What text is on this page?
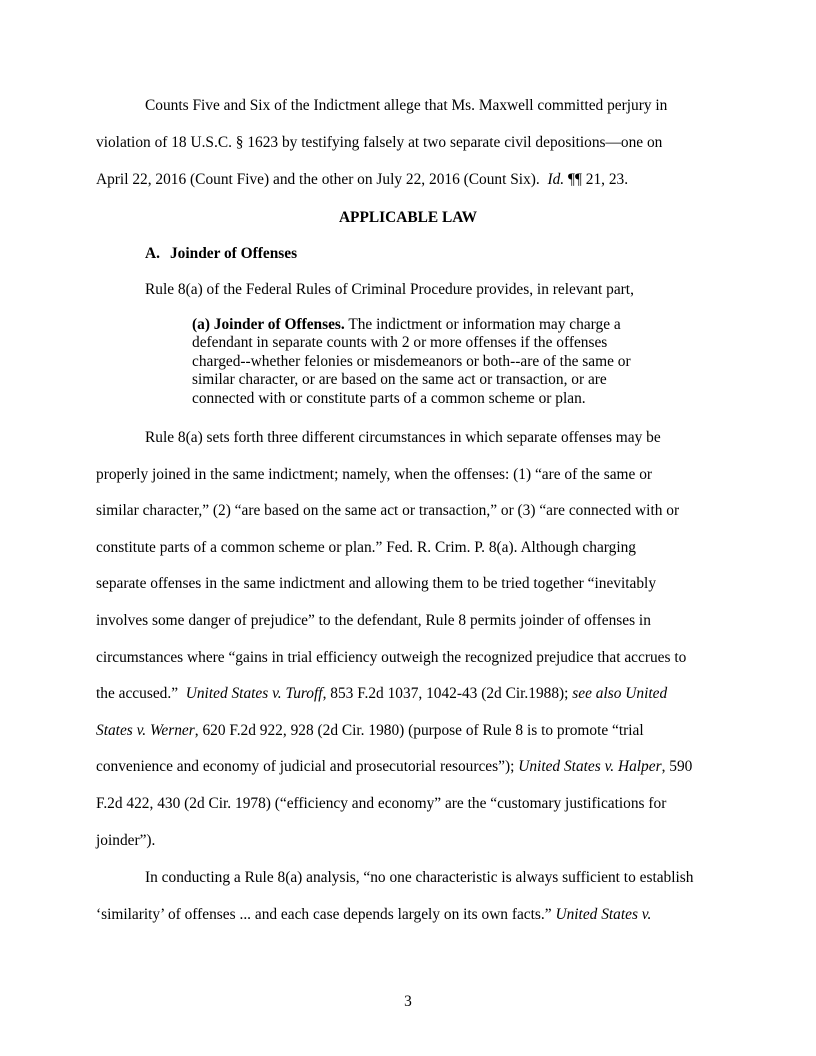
Counts Five and Six of the Indictment allege that Ms. Maxwell committed perjury in
violation of 18 U.S.C. § 1623 by testifying falsely at two separate civil depositions—one on
April 22, 2016 (Count Five) and the other on July 22, 2016 (Count Six). Id. ¶¶ 21, 23.
APPLICABLE LAW
A. Joinder of Offenses
Rule 8(a) of the Federal Rules of Criminal Procedure provides, in relevant part,
(a) Joinder of Offenses. The indictment or information may charge a
defendant in separate counts with 2 or more offenses if the offenses
charged--whether felonies or misdemeanors or both--are of the same or
similar character, or are based on the same act or transaction, or are
connected with or constitute parts of a common scheme or plan.
Rule 8(a) sets forth three different circumstances in which separate offenses may be
properly joined in the same indictment; namely, when the offenses: (1) “are of the same or
similar character,” (2) “are based on the same act or transaction,” or (3) “are connected with or
constitute parts of a common scheme or plan.” Fed. R. Crim. P. 8(a). Although charging
separate offenses in the same indictment and allowing them to be tried together “inevitably
involves some danger of prejudice” to the defendant, Rule 8 permits joinder of offenses in
circumstances where “gains in trial efficiency outweigh the recognized prejudice that accrues to
the accused.” United States v. Turoff, 853 F.2d 1037, 1042-43 (2d Cir.1988); see also United
States v. Werner, 620 F.2d 922, 928 (2d Cir. 1980) (purpose of Rule 8 is to promote “trial
convenience and economy of judicial and prosecutorial resources”); United States v. Halper, 590
F.2d 422, 430 (2d Cir. 1978) (“efficiency and economy” are the “customary justifications for
joinder”).
In conducting a Rule 8(a) analysis, “no one characteristic is always sufficient to establish
‘similarity’ of offenses ... and each case depends largely on its own facts.” United States v.
3
